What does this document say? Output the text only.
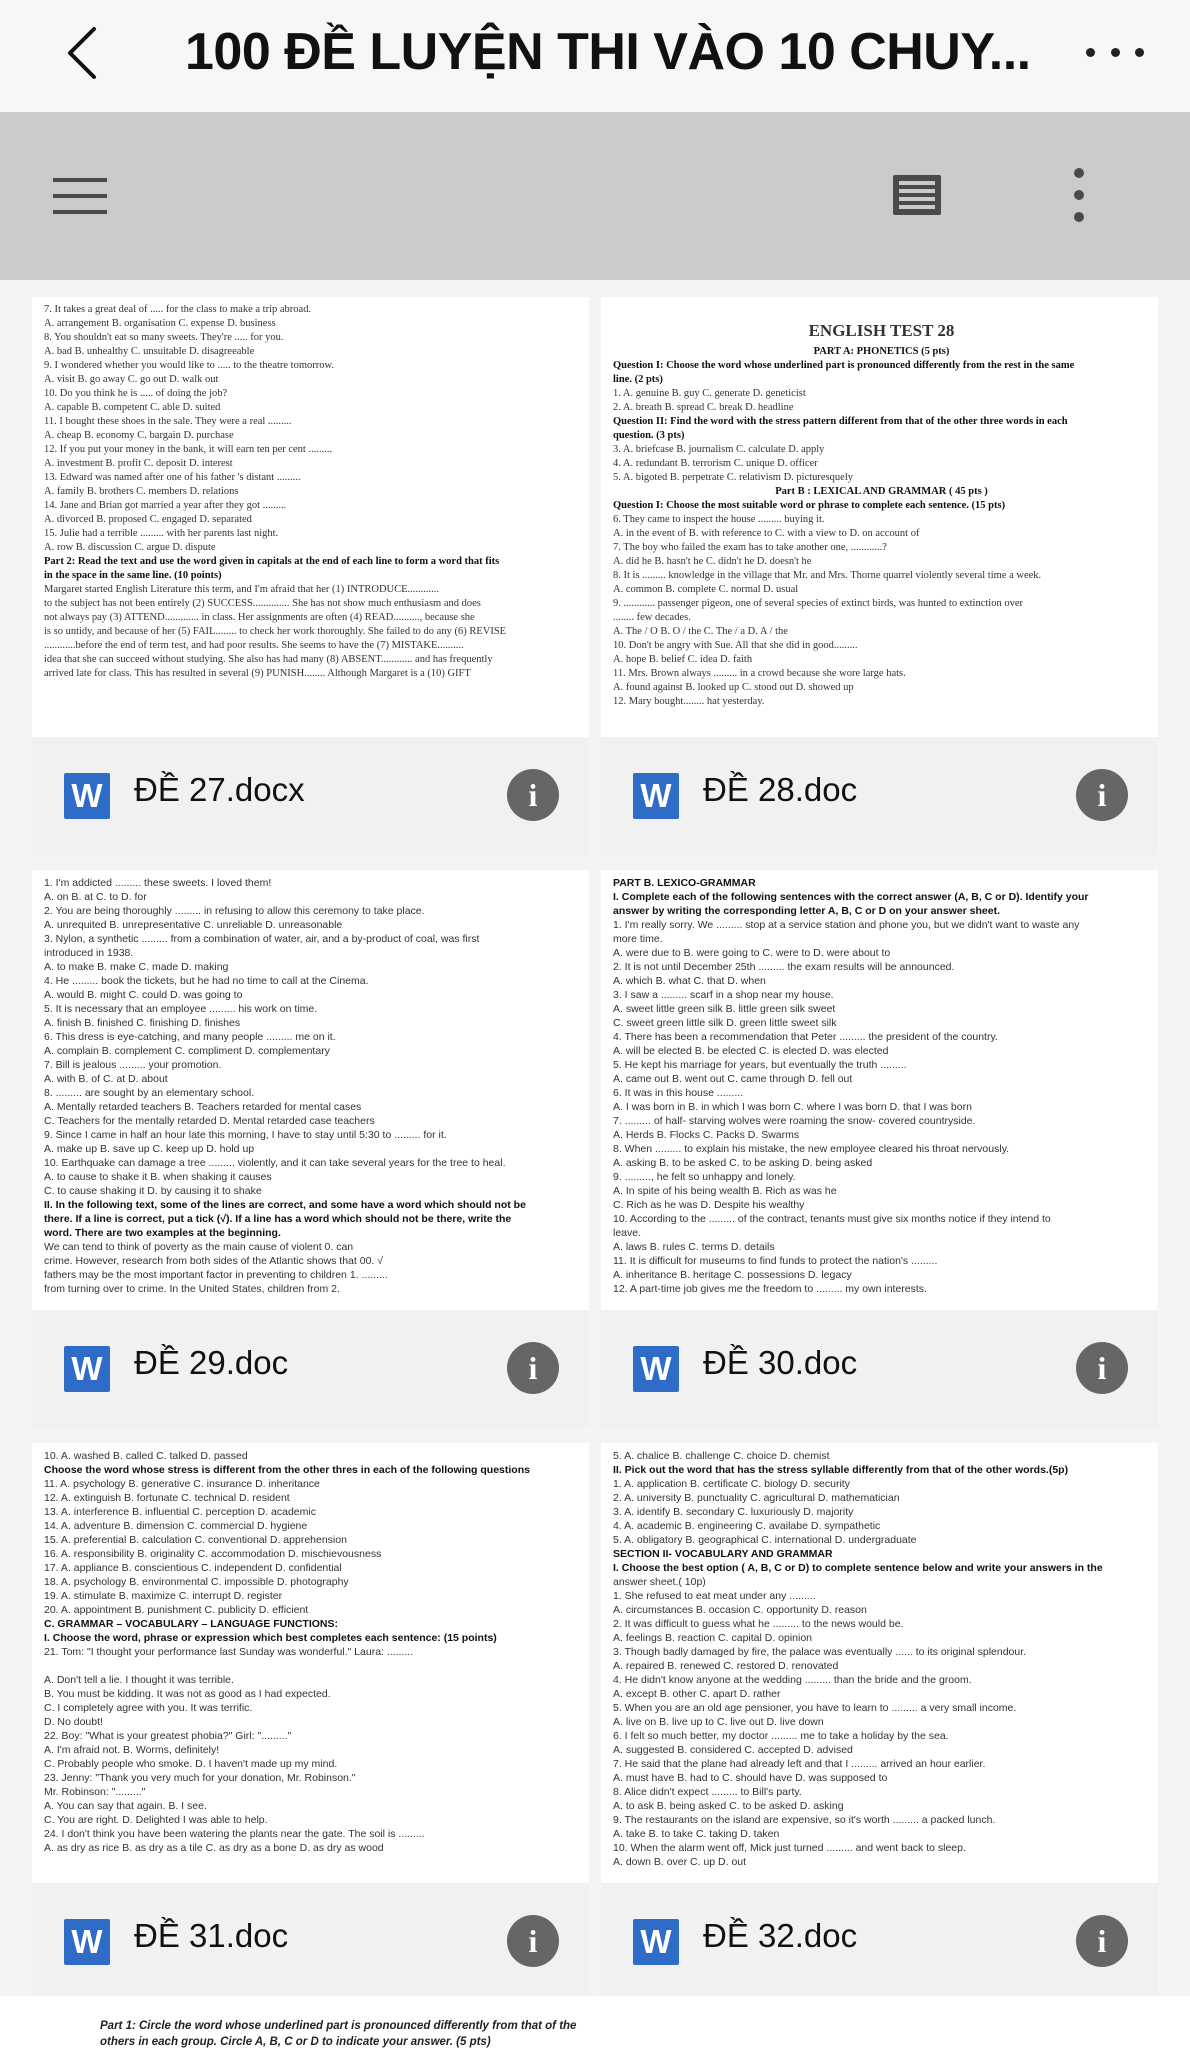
100 ĐỀ LUYỆN THI VÀO 10 CHUY...
7. It takes a great deal of ..... for the class to make a trip abroad.
A. arrangement B. organisation C. expense D. business
8. You shouldn't eat so many sweets. They're ..... for you.
A. bad B. unhealthy C. unsuitable D. disagreeable
9. I wondered whether you would like to ..... to the theatre tomorrow.
A. visit B. go away C. go out D. walk out
10. Do you think he is ..... of doing the job?
A. capable B. competent C. able D. suited
11. I bought these shoes in the sale. They were a real .........
A. cheap B. economy C. bargain D. purchase
12. If you put your money in the bank, it will earn ten per cent .........
A. investment B. profit C. deposit D. interest
13. Edward was named after one of his father 's distant .........
A. family B. brothers C. members D. relations
14. Jane and Brian got married a year after they got .........
A. divorced B. proposed C. engaged D. separated
15. Julie had a terrible ......... with her parents last night.
A. row B. discussion C. argue D. dispute
Part 2: Read the text and use the word given in capitals at the end of each line to form a word that fits
in the space in the same line. (10 points)
Margaret started English Literature this term, and I'm afraid that her (1) INTRODUCE............
to the subject has not been entirely (2) SUCCESS.............. She has not show much enthusiasm and does
not always pay (3) ATTEND............. in class. Her assignments are often (4) READ.........., because she
is so untidy, and because of her (5) FAIL........ to check her work thoroughly. She failed to do any (6) REVISE
............before the end of term test, and had poor results. She seems to have the (7) MISTAKE..........
idea that she can succeed without studying. She also has had many (8) ABSENT............ and has frequently
arrived late for class. This has resulted in several (9) PUNISH........ Although Margaret is a (10) GIFT
W ĐỀ 27.docx	i
ENGLISH TEST 28
PART A: PHONETICS (5 pts)
Question I: Choose the word whose underlined part is pronounced differently from the rest in the same
line. (2 pts)
1. A. genuine B. guy C. generate D. geneticist
2. A. breath B. spread C. break D. headline
Question II: Find the word with the stress pattern different from that of the other three words in each
question. (3 pts)
3. A. briefcase B. journalism C. calculate D. apply
4. A. redundant B. terrorism C. unique D. officer
5. A. bigoted B. perpetrate C. relativism D. picturesquely
Part B : LEXICAL AND GRAMMAR ( 45 pts )
Question I: Choose the most suitable word or phrase to complete each sentence. (15 pts)
6. They came to inspect the house ......... buying it.
A. in the event of B. with reference to C. with a view to D. on account of
7. The boy who failed the exam has to take another one, ............?
A. did he B. hasn't he C. didn't he D. doesn't he
8. It is ......... knowledge in the village that Mr. and Mrs. Thorne quarrel violently several time a week.
A. common B. complete C. normal D. usual
9. ............ passenger pigeon, one of several species of extinct birds, was hunted to extinction over
........ few decades.
A. The / O B. O / the C. The / a D. A / the
10. Don't be angry with Sue. All that she did in good.........
A. hope B. belief C. idea D. faith
11. Mrs. Brown always ......... in a crowd because she wore large hats.
A. found against B. looked up C. stood out D. showed up
12. Mary bought........ hat yesterday.
W ĐỀ 28.doc	i
1. I'm addicted ......... these sweets. I loved them!
A. on B. at C. to D. for
2. You are being thoroughly ......... in refusing to allow this ceremony to take place.
A. unrequited B. unrepresentative C. unreliable D. unreasonable
3. Nylon, a synthetic ......... from a combination of water, air, and a by-product of coal, was first
introduced in 1938.
A. to make B. make C. made D. making
4. He ......... book the tickets, but he had no time to call at the Cinema.
A. would B. might C. could D. was going to
5. It is necessary that an employee ......... his work on time.
A. finish B. finished C. finishing D. finishes
6. This dress is eye-catching, and many people ......... me on it.
A. complain B. complement C. compliment D. complementary
7. Bill is jealous ......... your promotion.
A. with B. of C. at D. about
8. ......... are sought by an elementary school.
A. Mentally retarded teachers B. Teachers retarded for mental cases
C. Teachers for the mentally retarded D. Mental retarded case teachers
9. Since I came in half an hour late this morning, I have to stay until 5:30 to ......... for it.
A. make up B. save up C. keep up D. hold up
10. Earthquake can damage a tree ......... violently, and it can take several years for the tree to heal.
A. to cause to shake it B. when shaking it causes
C. to cause shaking it D. by causing it to shake
II. In the following text, some of the lines are correct, and some have a word which should not be
there. If a line is correct, put a tick (√). If a line has a word which should not be there, write the
word. There are two examples at the beginning.
We can tend to think of poverty as the main cause of violent 0. can
crime. However, research from both sides of the Atlantic shows that 00. √
fathers may be the most important factor in preventing to children 1. .........
from turning over to crime. In the United States, children from 2.
W ĐỀ 29.doc	i
PART B. LEXICO-GRAMMAR
I. Complete each of the following sentences with the correct answer (A, B, C or D). Identify your
answer by writing the corresponding letter A, B, C or D on your answer sheet.
1. I'm really sorry. We ......... stop at a service station and phone you, but we didn't want to waste any
more time.
A. were due to B. were going to C. were to D. were about to
2. It is not until December 25th ......... the exam results will be announced.
A. which B. what C. that D. when
3. I saw a ......... scarf in a shop near my house.
A. sweet little green silk B. little green silk sweet
C. sweet green little silk D. green little sweet silk
4. There has been a recommendation that Peter ......... the president of the country.
A. will be elected B. be elected C. is elected D. was elected
5. He kept his marriage for years, but eventually the truth .........
A. came out B. went out C. came through D. fell out
6. It was in this house .........
A. I was born in B. in which I was born C. where I was born D. that I was born
7. ......... of half- starving wolves were roaming the snow- covered countryside.
A. Herds B. Flocks C. Packs D. Swarms
8. When ......... to explain his mistake, the new employee cleared his throat nervously.
A. asking B. to be asked C. to be asking D. being asked
9. ........., he felt so unhappy and lonely.
A. In spite of his being wealth B. Rich as was he
C. Rich as he was D. Despite his wealthy
10. According to the ......... of the contract, tenants must give six months notice if they intend to
leave.
A. laws B. rules C. terms D. details
11. It is difficult for museums to find funds to protect the nation's .........
A. inheritance B. heritage C. possessions D. legacy
12. A part-time job gives me the freedom to ......... my own interests.
W ĐỀ 30.doc	i
10. A. washed B. called C. talked D. passed
Choose the word whose stress is different from the other thres in each of the following questions
11. A. psychology B. generative C. insurance D. inheritance
12. A. extinguish B. fortunate C. technical D. resident
13. A. interference B. influential C. perception D. academic
14. A. adventure B. dimension C. commercial D. hygiene
15. A. preferential B. calculation C. conventional D. apprehension
16. A. responsibility B. originality C. accommodation D. mischievousness
17. A. appliance B. conscientious C. independent D. confidential
18. A. psychology B. environmental C. impossible D. photography
19. A. stimulate B. maximize C. interrupt D. register
20. A. appointment B. punishment C. publicity D. efficient
C. GRAMMAR – VOCABULARY – LANGUAGE FUNCTIONS:
I. Choose the word, phrase or expression which best completes each sentence: (15 points)
21. Tom: "I thought your performance last Sunday was wonderful." Laura: .........
A. Don't tell a lie. I thought it was terrible.
B. You must be kidding. It was not as good as I had expected.
C. I completely agree with you. It was terrific.
D. No doubt!
22. Boy: "What is your greatest phobia?" Girl: "........."
A. I'm afraid not. B. Worms, definitely!
C. Probably people who smoke. D. I haven't made up my mind.
23. Jenny: "Thank you very much for your donation, Mr. Robinson."
Mr. Robinson: "........."
A. You can say that again. B. I see.
C. You are right. D. Delighted I was able to help.
24. I don't think you have been watering the plants near the gate. The soil is .........
A. as dry as rice B. as dry as a tile C. as dry as a bone D. as dry as wood
W ĐỀ 31.doc	i
5. A. chalice B. challenge C. choice D. chemist
II. Pick out the word that has the stress syllable differently from that of the other words.(5p)
1. A. application B. certificate C. biology D. security
2. A. university B. punctuality C. agricultural D. mathematician
3. A. identify B. secondary C. luxuriously D. majority
4. A. academic B. engineering C. availabe D. sympathetic
5. A. obligatory B. geographical C. international D. undergraduate
SECTION II- VOCABULARY AND GRAMMAR
I. Choose the best option ( A, B, C or D) to complete sentence below and write your answers in the
answer sheet.( 10p)
1. She refused to eat meat under any .........
A. circumstances B. occasion C. opportunity D. reason
2. It was difficult to guess what he ......... to the news would be.
A. feelings B. reaction C. capital D. opinion
3. Though badly damaged by fire, the palace was eventually ...... to its original splendour.
A. repaired B. renewed C. restored D. renovated
4. He didn't know anyone at the wedding ......... than the bride and the groom.
A. except B. other C. apart D. rather
5. When you are an old age pensioner, you have to learn to ......... a very small income.
A. live on B. live up to C. live out D. live down
6. I felt so much better, my doctor ......... me to take a holiday by the sea.
A. suggested B. considered C. accepted D. advised
7. He said that the plane had already left and that I ......... arrived an hour earlier.
A. must have B. had to C. should have D. was supposed to
8. Alice didn't expect ......... to Bill's party.
A. to ask B. being asked C. to be asked D. asking
9. The restaurants on the island are expensive, so it's worth ......... a packed lunch.
A. take B. to take C. taking D. taken
10. When the alarm went off, Mick just turned ......... and went back to sleep.
A. down B. over C. up D. out
W ĐỀ 32.doc	i
Part 1: Circle the word whose underlined part is pronounced differently from that of the
others in each group. Circle A, B, C or D to indicate your answer. (5 pts)
